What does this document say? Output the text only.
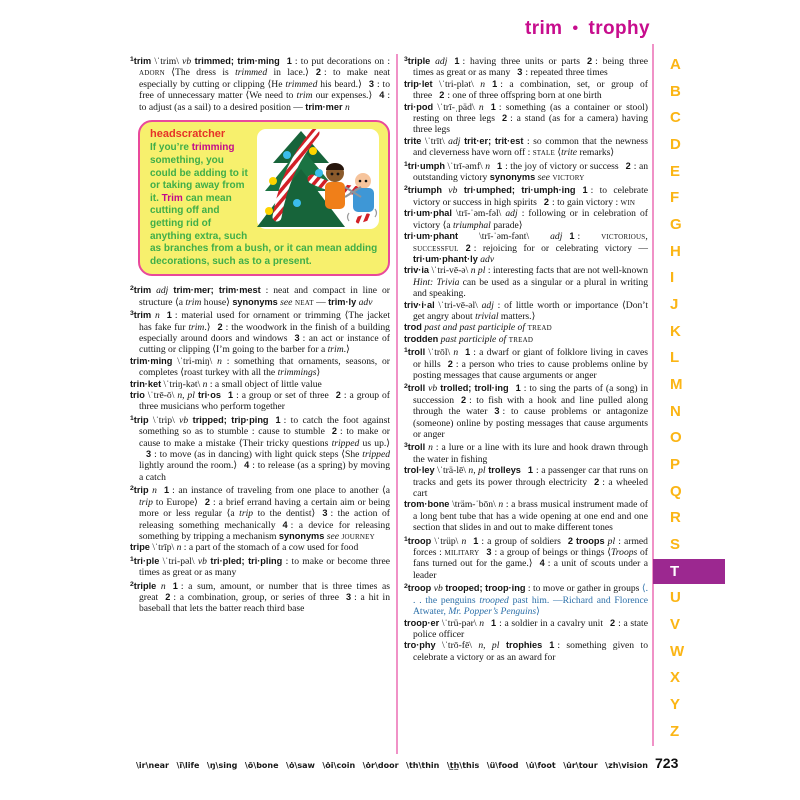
trim • trophy

$^1$trim \ˈtrim\ vb trimmed; trim·ming 1 : to put decorations on : adorn ⟨The dress is trimmed in lace.⟩ 2 : to make neat especially by cutting or clipping ⟨He trimmed his beard.⟩ 3 : to free of unnecessary matter ⟨We need to trim our expenses.⟩ 4 : to adjust (as a sail) to a desired position — trim·mer n

headscratcher
If you’re trimming something, you could be adding to it or taking away from it. Trim can mean cutting off and getting rid of anything extra, such as branches from a bush, or it can mean adding decorations, such as to a present.

$^2$trim adj trim·mer; trim·mest : neat and compact in line or structure ⟨a trim house⟩ synonyms see neat — trim·ly adv

$^3$trim n 1 : material used for ornament or trimming ⟨The jacket has fake fur trim.⟩ 2 : the woodwork in the finish of a building especially around doors and windows 3 : an act or instance of cutting or clipping ⟨I’m going to the barber for a trim.⟩

trim·ming \ˈtri-miŋ\ n : something that ornaments, seasons, or completes ⟨roast turkey with all the trimmings⟩

trin·ket \ˈtriŋ-kət\ n : a small object of little value

trio \ˈtrē-ō\ n, pl tri·os 1 : a group or set of three 2 : a group of three musicians who perform together

$^1$trip \ˈtrip\ vb tripped; trip·ping 1 : to catch the foot against something so as to stumble : cause to stumble 2 : to make or cause to make a mistake ⟨Their tricky questions tripped us up.⟩3 : to move (as in dancing) with light quick steps ⟨She tripped lightly around the room.⟩ 4 : to release (as a spring) by moving a catch

$^2$trip n 1 : an instance of traveling from one place to another ⟨a trip to Europe⟩ 2 : a brief errand having a certain aim or being more or less regular ⟨a trip to the dentist⟩ 3 : the action of releasing something mechanically 4 : a device for releasing something by tripping a mechanism synonyms see journey

tripe \ˈtrīp\ n : a part of the stomach of a cow used for food

$^1$tri·ple \ˈtri-pəl\ vb tri·pled; tri·pling : to make or become three times as great or as many

$^2$triple n 1 : a sum, amount, or number that is three times as great 2 : a combination, group, or series of three 3 : a hit in baseball that lets the batter reach third base

$^3$triple adj 1 : having three units or parts 2 : being three times as great or as many 3 : repeated three times

trip·let \ˈtri-plət\ n 1 : a combination, set, or group of three 2 : one of three offspring born at one birth

tri·pod \ˈtrī-ˌpäd\ n 1 : something (as a container or stool) resting on three legs 2 : a stand (as for a camera) having three legs

trite \ˈtrīt\ adj trit·er; trit·est : so common that the newness and cleverness have worn off : stale ⟨trite remarks⟩

$^1$tri·umph \ˈtrī-əmf\ n 1 : the joy of victory or success 2 : an outstanding victory synonyms see victory

$^2$triumph vb tri·umphed; tri·umph·ing 1 : to celebrate victory or success in high spirits 2 : to gain victory : win

tri·um·phal \trī-ˈəm-fəl\ adj : following or in celebration of victory ⟨a triumphal parade⟩

tri·um·phant \trī-ˈəm-fənt\ adj 1 : victorious, successful 2 : rejoicing for or celebrating victory — tri·um·phant·ly adv

triv·ia \ˈtri-vē-ə\ n pl : interesting facts that are not well-known Hint: Trivia can be used as a singular or a plural in writing and speaking.

triv·i·al \ˈtri-vē-əl\ adj : of little worth or importance ⟨Don’t get angry about trivial matters.⟩

trod past and past participle of tread

trodden past participle of tread

$^1$troll \ˈtrōl\ n 1 : a dwarf or giant of folklore living in caves or hills 2 : a person who tries to cause problems online by posting messages that cause arguments or anger

$^2$troll vb trolled; troll·ing 1 : to sing the parts of (a song) in succession 2 : to fish with a hook and line pulled along through the water 3 : to cause problems or antagonize (someone) online by posting messages that cause arguments or anger

$^3$troll n : a lure or a line with its lure and hook drawn through the water in fishing

trol·ley \ˈträ-lē\ n, pl trolleys 1 : a passenger car that runs on tracks and gets its power through electricity 2 : a wheeled cart

trom·bone \träm-ˈbōn\ n : a brass musical instrument made of a long bent tube that has a wide opening at one end and one section that slides in and out to make different tones

$^1$troop \ˈtrüp\ n 1 : a group of soldiers 2 troops pl : armed forces : military 3 : a group of beings or things ⟨Troops of fans turned out for the game.⟩ 4 : a unit of scouts under a leader

$^2$troop vb trooped; troop·ing : to move or gather in groups ⟨. . . the penguins trooped past him. —Richard and Florence Atwater, Mr. Popper’s Penguins⟩

troop·er \ˈtrü-pər\ n 1 : a soldier in a cavalry unit 2 : a state police officer

tro·phy \ˈtrō-fē\ n, pl trophies 1 : something given to celebrate a victory or as an award for

A
B
C
D
E
F
G
H
I
J
K
L
M
N
O
P
Q
R
S
T
U
V
W
X
Y
Z
\ir\near \ī\life \ŋ\sing \ō\bone \ȯ\saw \ȯi\coin \ȯr\door \th\thin \t̲h̲\this \ü\food \u̇\foot \u̇r\tour \zh\vision 723
